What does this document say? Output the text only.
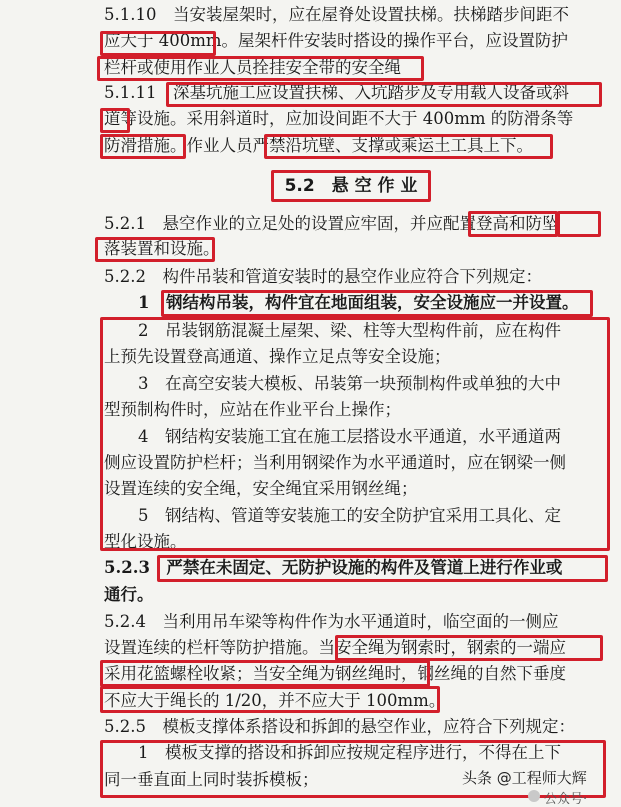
5.1.10　当安装屋架时，应在屋脊处设置扶梯。扶梯踏步间距不
应大于 400mm。屋架杆件安装时搭设的操作平台，应设置防护
栏杆或使用作业人员拴挂安全带的安全绳
5.1.11　深基坑施工应设置扶梯、入坑踏步及专用载人设备或斜
道等设施。采用斜道时，应加设间距不大于 400mm 的防滑条等
防滑措施。作业人员严禁沿坑壁、支撑或乘运土工具上下。
5.2　悬 空 作 业
5.2.1　悬空作业的立足处的设置应牢固，并应配置登高和防坠
落装置和设施。
5.2.2　构件吊装和管道安装时的悬空作业应符合下列规定：
1　钢结构吊装，构件宜在地面组装，安全设施应一并设置。
2　吊装钢筋混凝土屋架、梁、柱等大型构件前，应在构件
上预先设置登高通道、操作立足点等安全设施；
3　在高空安装大模板、吊装第一块预制构件或单独的大中
型预制构件时，应站在作业平台上操作；
4　钢结构安装施工宜在施工层搭设水平通道，水平通道两
侧应设置防护栏杆；当利用钢梁作为水平通道时，应在钢梁一侧
设置连续的安全绳，安全绳宜采用钢丝绳；
5　钢结构、管道等安装施工的安全防护宜采用工具化、定
型化设施。
5.2.3　严禁在未固定、无防护设施的构件及管道上进行作业或
通行。
5.2.4　当利用吊车梁等构件作为水平通道时，临空面的一侧应
设置连续的栏杆等防护措施。当安全绳为钢索时，钢索的一端应
采用花篮螺栓收紧；当安全绳为钢丝绳时，钢丝绳的自然下垂度
不应大于绳长的 1/20，并不应大于 100mm。
5.2.5　模板支撑体系搭设和拆卸的悬空作业，应符合下列规定：
1　模板支撑的搭设和拆卸应按规定程序进行，不得在上下
同一垂直面上同时装拆模板；	头条 @工程师大辉
公众号·
